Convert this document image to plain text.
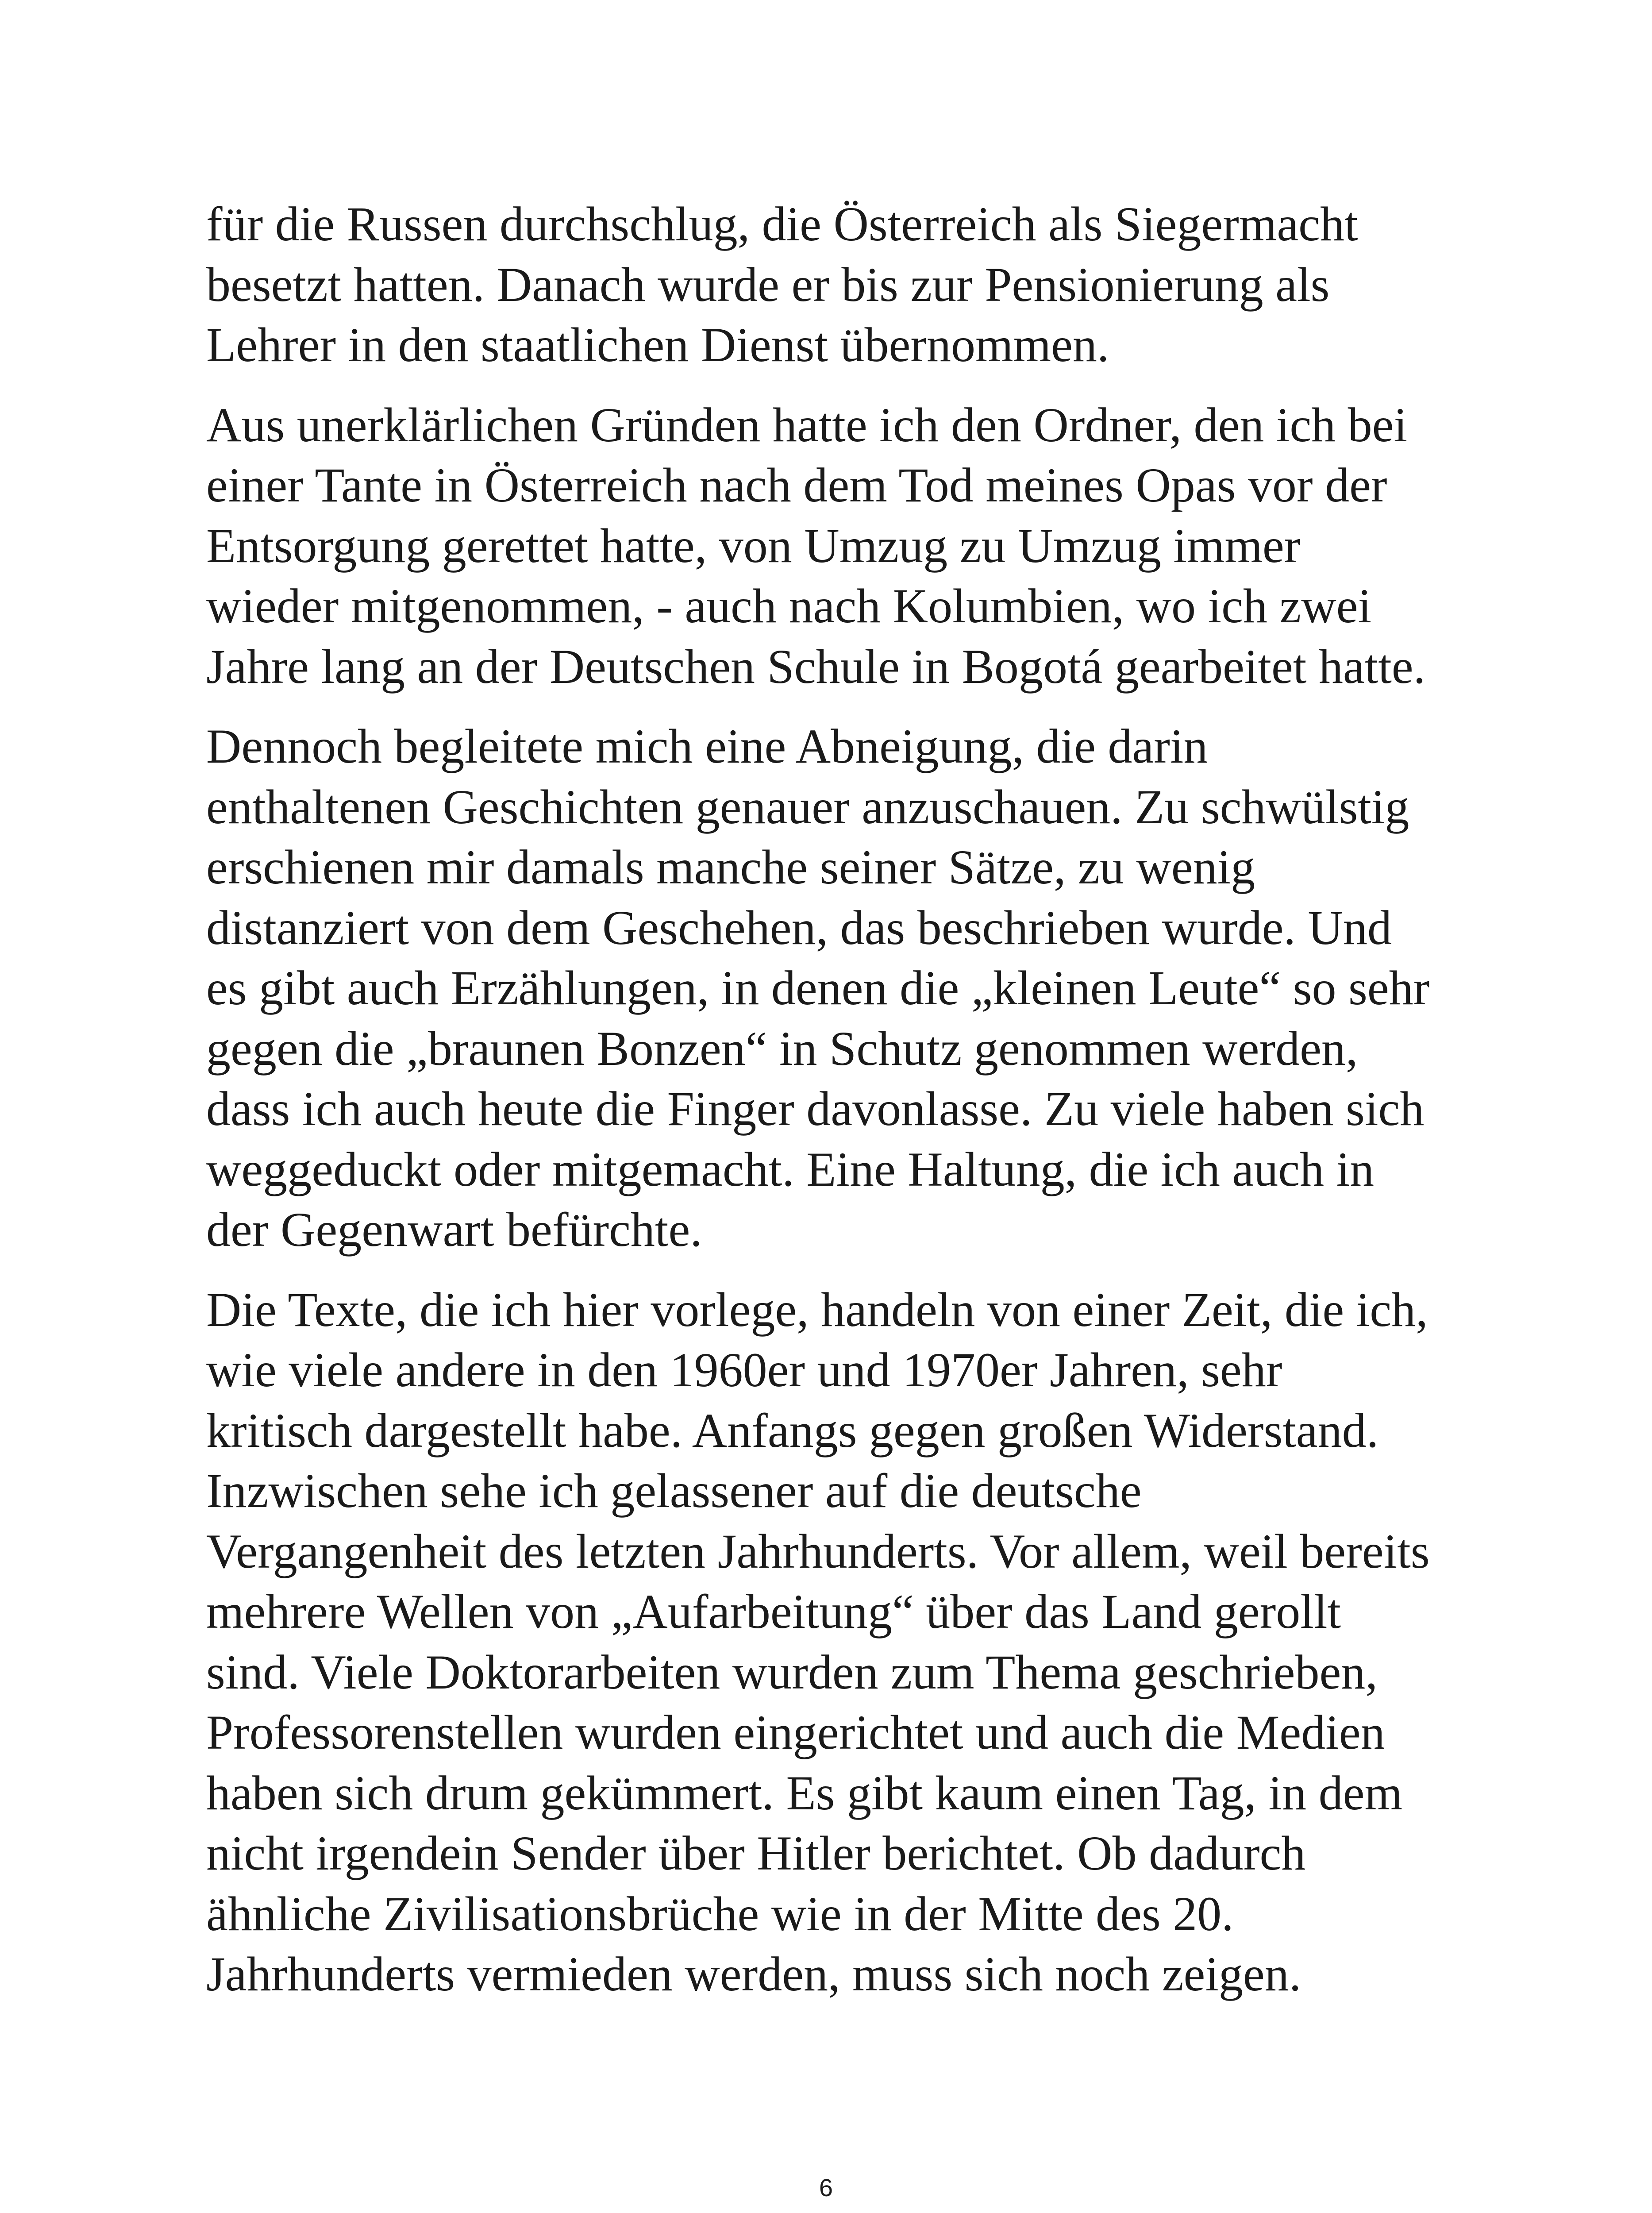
für die Russen durchschlug, die Österreich als Siegermacht
besetzt hatten. Danach wurde er bis zur Pensionierung als
Lehrer in den staatlichen Dienst übernommen.

Aus unerklärlichen Gründen hatte ich den Ordner, den ich bei
einer Tante in Österreich nach dem Tod meines Opas vor der
Entsorgung gerettet hatte, von Umzug zu Umzug immer
wieder mitgenommen, - auch nach Kolumbien, wo ich zwei
Jahre lang an der Deutschen Schule in Bogotá gearbeitet hatte.

Dennoch begleitete mich eine Abneigung, die darin
enthaltenen Geschichten genauer anzuschauen. Zu schwülstig
erschienen mir damals manche seiner Sätze, zu wenig
distanziert von dem Geschehen, das beschrieben wurde. Und
es gibt auch Erzählungen, in denen die „kleinen Leute“ so sehr
gegen die „braunen Bonzen“ in Schutz genommen werden,
dass ich auch heute die Finger davonlasse. Zu viele haben sich
weggeduckt oder mitgemacht. Eine Haltung, die ich auch in
der Gegenwart befürchte.

Die Texte, die ich hier vorlege, handeln von einer Zeit, die ich,
wie viele andere in den 1960er und 1970er Jahren, sehr
kritisch dargestellt habe. Anfangs gegen großen Widerstand.
Inzwischen sehe ich gelassener auf die deutsche
Vergangenheit des letzten Jahrhunderts. Vor allem, weil bereits
mehrere Wellen von „Aufarbeitung“ über das Land gerollt
sind. Viele Doktorarbeiten wurden zum Thema geschrieben,
Professorenstellen wurden eingerichtet und auch die Medien
haben sich drum gekümmert. Es gibt kaum einen Tag, in dem
nicht irgendein Sender über Hitler berichtet. Ob dadurch
ähnliche Zivilisationsbrüche wie in der Mitte des 20.
Jahrhunderts vermieden werden, muss sich noch zeigen.

6
